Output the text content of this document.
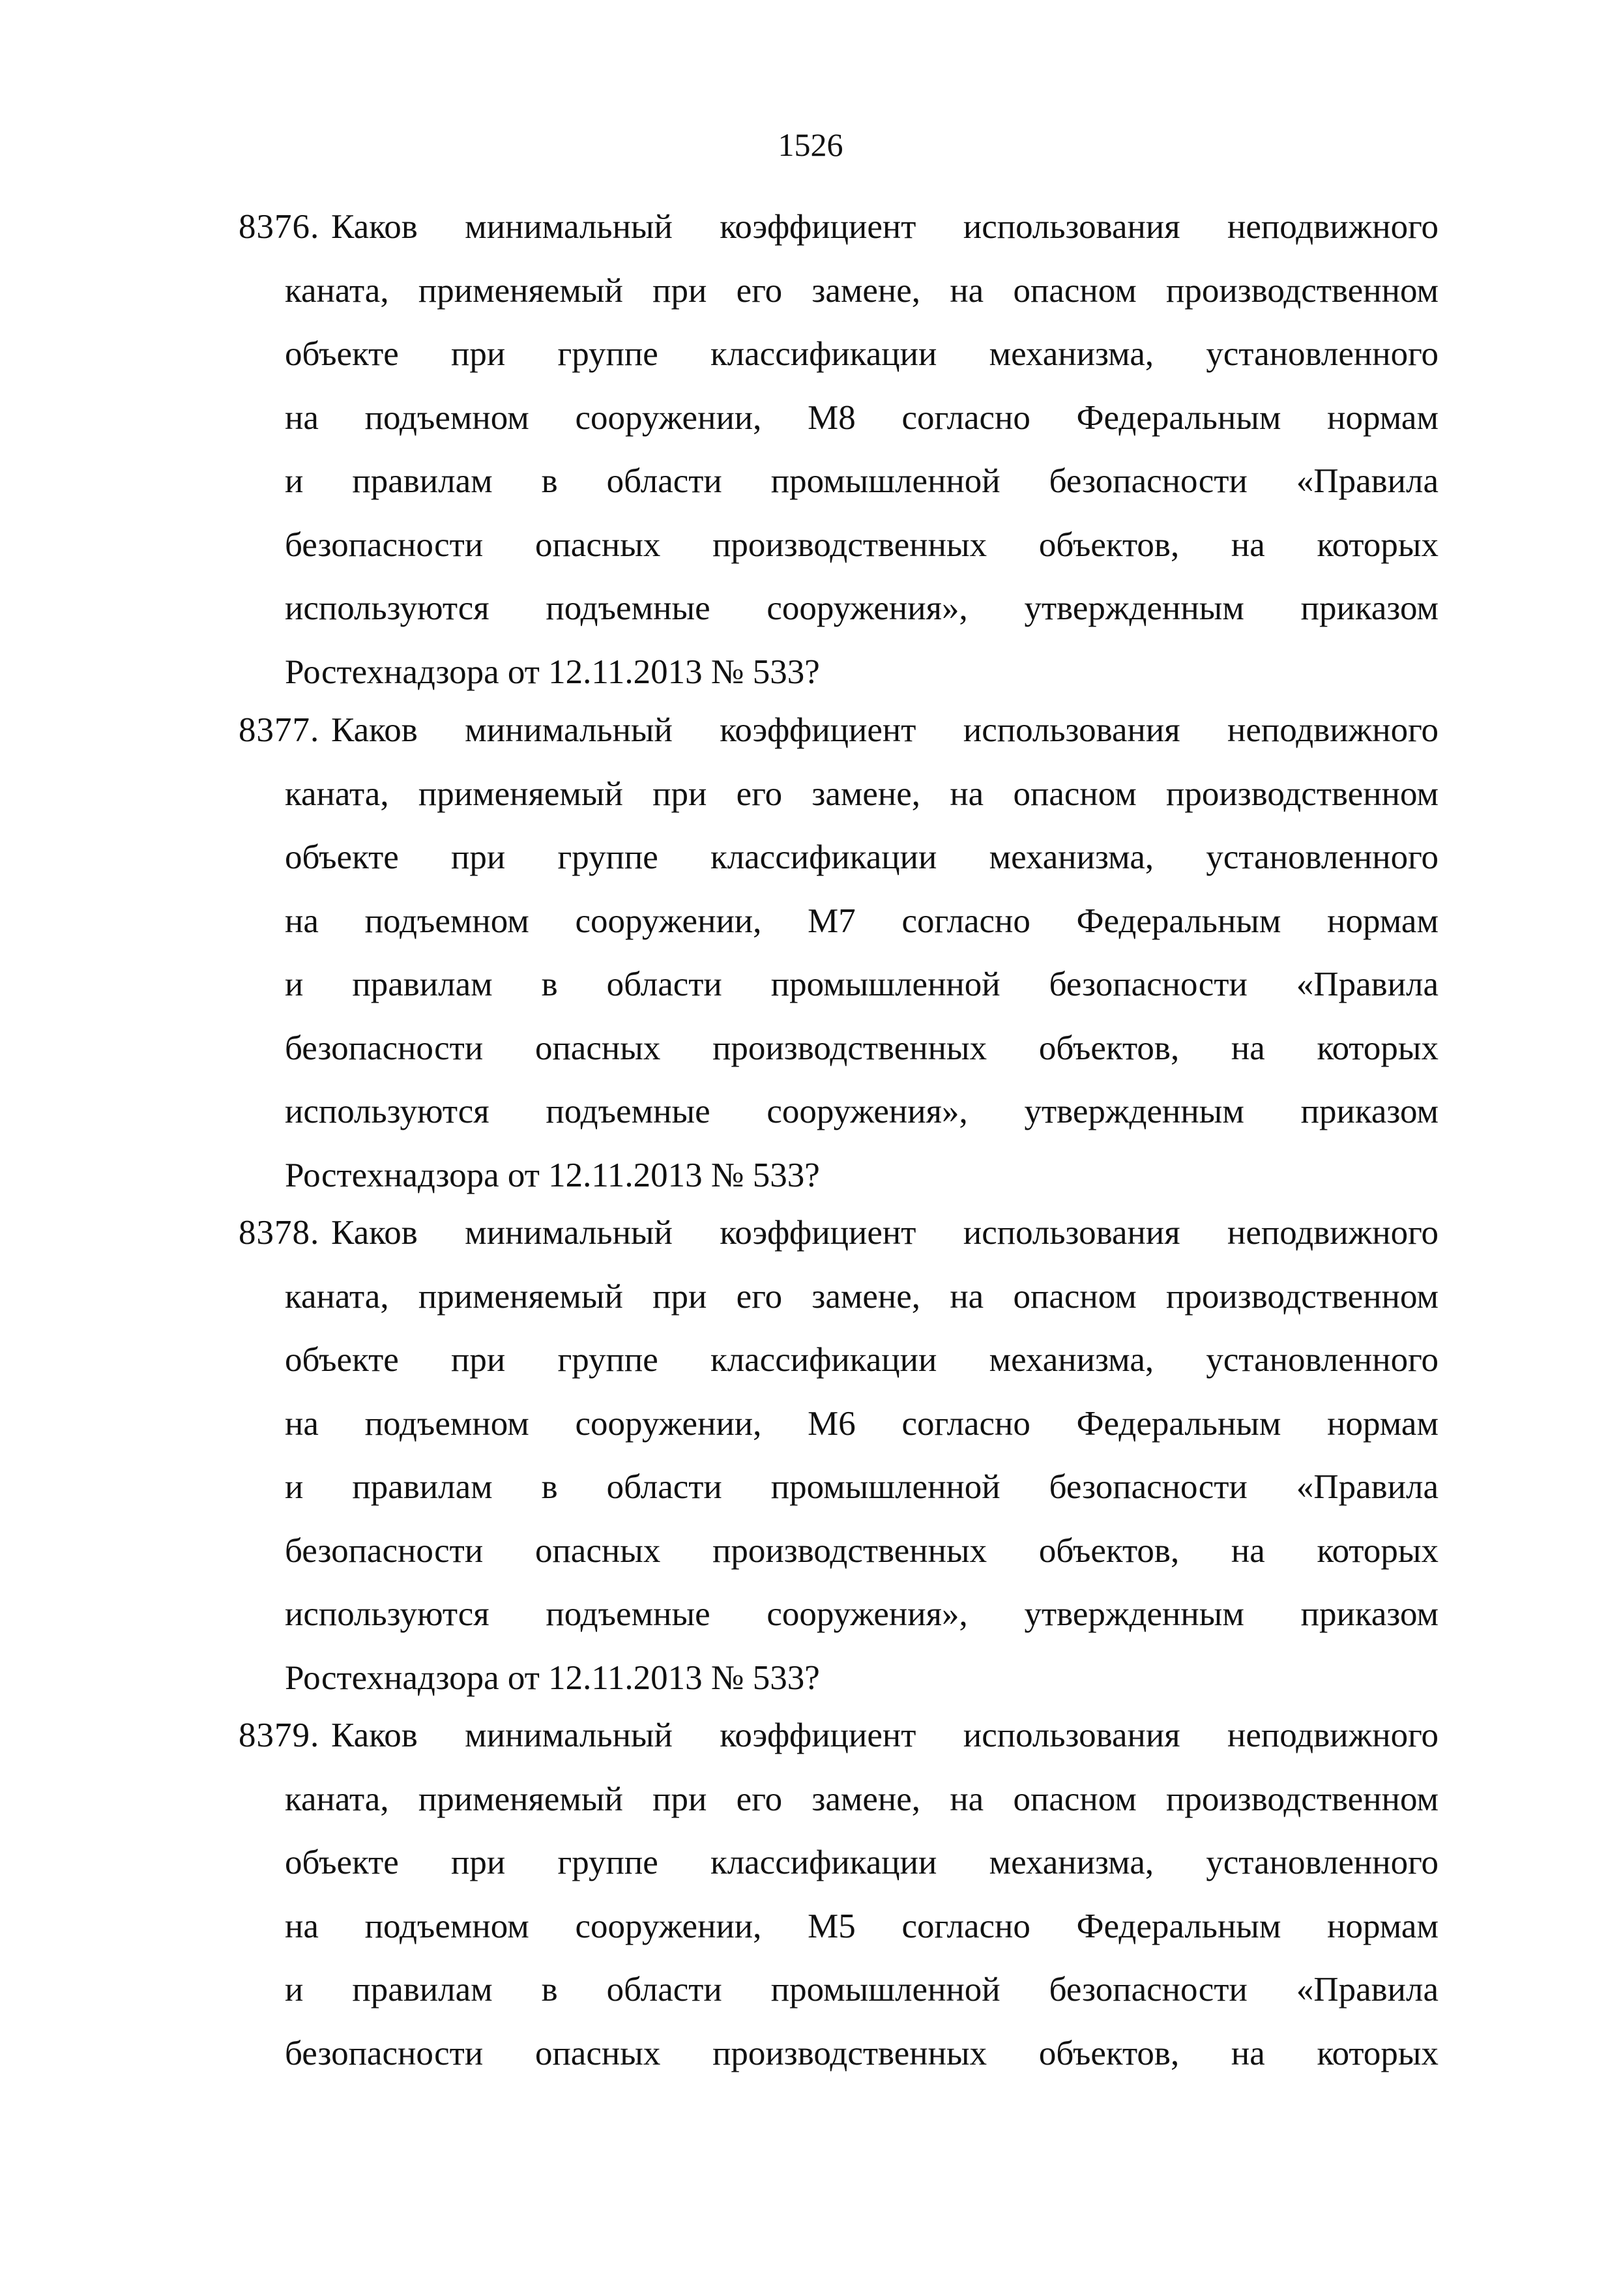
1526
8376. Каков минимальный коэффициент использования неподвижного
каната, применяемый при его замене, на опасном производственном
объекте при группе классификации механизма, установленного
на подъемном сооружении, М8 согласно Федеральным нормам
и правилам в области промышленной безопасности «Правила
безопасности опасных производственных объектов, на которых
используются подъемные сооружения», утвержденным приказом
Ростехнадзора от 12.11.2013 № 533?
8377. Каков минимальный коэффициент использования неподвижного
каната, применяемый при его замене, на опасном производственном
объекте при группе классификации механизма, установленного
на подъемном сооружении, М7 согласно Федеральным нормам
и правилам в области промышленной безопасности «Правила
безопасности опасных производственных объектов, на которых
используются подъемные сооружения», утвержденным приказом
Ростехнадзора от 12.11.2013 № 533?
8378. Каков минимальный коэффициент использования неподвижного
каната, применяемый при его замене, на опасном производственном
объекте при группе классификации механизма, установленного
на подъемном сооружении, М6 согласно Федеральным нормам
и правилам в области промышленной безопасности «Правила
безопасности опасных производственных объектов, на которых
используются подъемные сооружения», утвержденным приказом
Ростехнадзора от 12.11.2013 № 533?
8379. Каков минимальный коэффициент использования неподвижного
каната, применяемый при его замене, на опасном производственном
объекте при группе классификации механизма, установленного
на подъемном сооружении, М5 согласно Федеральным нормам
и правилам в области промышленной безопасности «Правила
безопасности опасных производственных объектов, на которых
